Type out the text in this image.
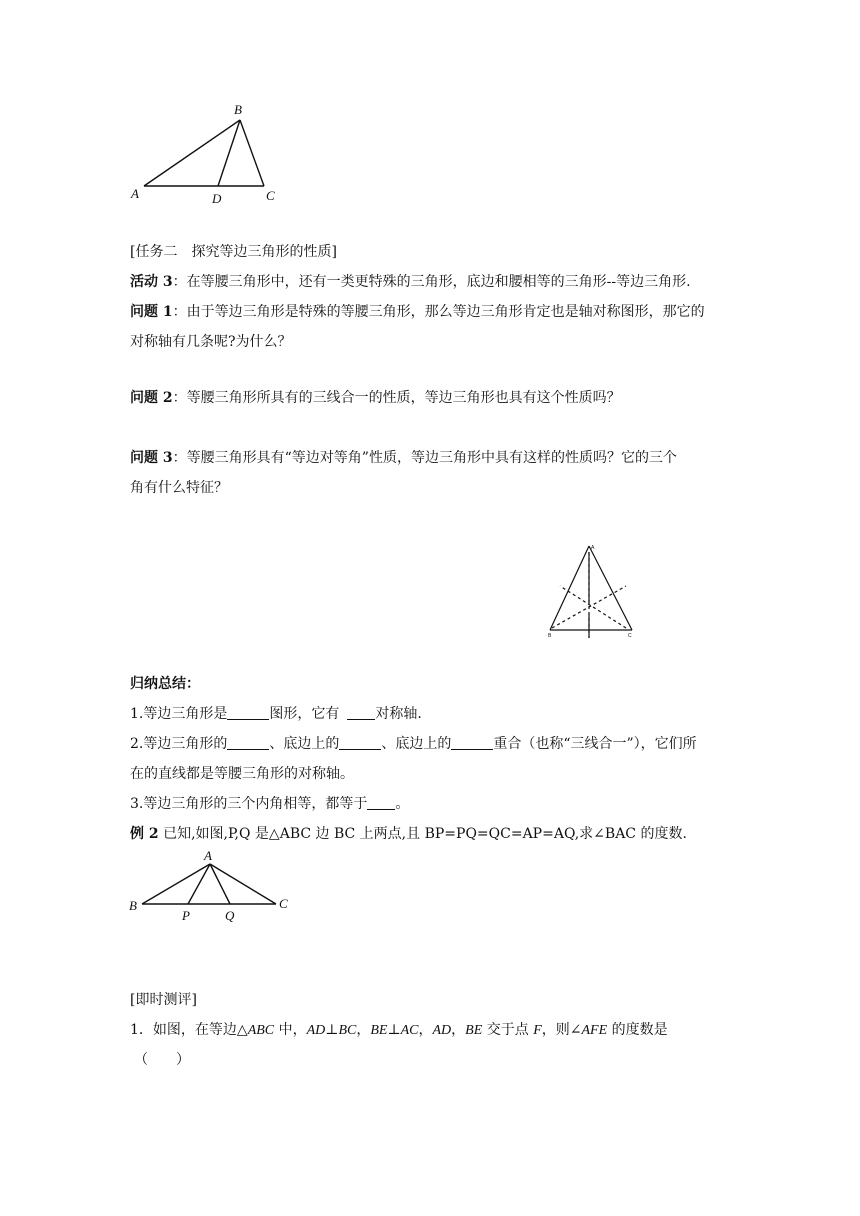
B
A	D	C
[任务二　探究等边三角形的性质]
活动 3：在等腰三角形中，还有一类更特殊的三角形，底边和腰相等的三角形--等边三角形.
问题 1：由于等边三角形是特殊的等腰三角形，那么等边三角形肯定也是轴对称图形，那它的
对称轴有几条呢?为什么？
问题 2：等腰三角形所具有的三线合一的性质，等边三角形也具有这个性质吗？
问题 3：等腰三角形具有“等边对等角”性质，等边三角形中具有这样的性质吗？它的三个
角有什么特征？
A
B	C
归纳总结：
1.等边三角形是	图形，它有	对称轴.
2.等边三角形的	、底边上的	、底边上的	重合（也称“三线合一”），它们所
在的直线都是等腰三角形的对称轴。
3.等边三角形的三个内角相等，都等于 。
例 2 已知,如图,P,Q 是△ABC 边 BC 上两点,且 BP=PQ=QC=AP=AQ,求∠BAC 的度数.
A
B
P	Q
C
[即时测评]
1．如图，在等边△ABC 中，AD⊥BC，BE⊥AC，AD，BE 交于点 F，则∠AFE 的度数是
（　　）
